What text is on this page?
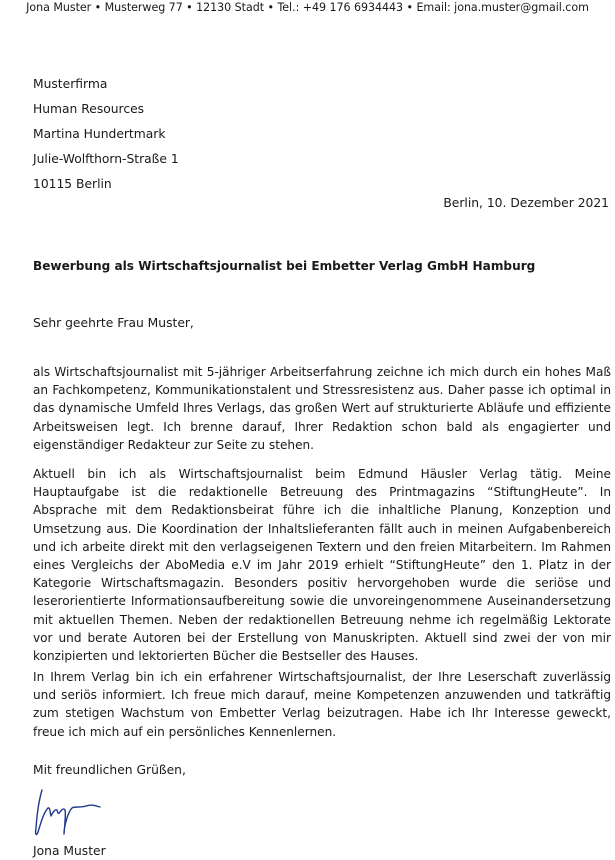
Jona Muster • Musterweg 77 • 12130 Stadt • Tel.: +49 176 6934443 • Email: jona.muster@gmail.com
Musterfirma
Human Resources
Martina Hundertmark
Julie-Wolfthorn-Straße 1
10115 Berlin
Berlin, 10. Dezember 2021
Bewerbung als Wirtschaftsjournalist bei Embetter Verlag GmbH Hamburg
Sehr geehrte Frau Muster,

als Wirtschaftsjournalist mit 5-jähriger Arbeitserfahrung zeichne ich mich durch ein hohes Maß an Fachkompetenz, Kommunikationstalent und Stressresistenz aus. Daher passe ich optimal in das dynamische Umfeld Ihres Verlags, das großen Wert auf strukturierte Abläufe und effiziente Arbeitsweisen legt. Ich brenne darauf, Ihrer Redaktion schon bald als engagierter und eigenständiger Redakteur zur Seite zu stehen.

Aktuell bin ich als Wirtschaftsjournalist beim Edmund Häusler Verlag tätig. Meine Hauptaufgabe ist die redaktionelle Betreuung des Printmagazins “StiftungHeute”. In Absprache mit dem Redaktionsbeirat führe ich die inhaltliche Planung, Konzeption und Umsetzung aus. Die Koordination der Inhaltslieferanten fällt auch in meinen Aufgabenbereich und ich arbeite direkt mit den verlagseigenen Textern und den freien Mitarbeitern. Im Rahmen eines Vergleichs der AboMedia e.V im Jahr 2019 erhielt “StiftungHeute” den 1. Platz in der Kategorie Wirtschaftsmagazin. Besonders positiv hervorgehoben wurde die seriöse und leserorientierte Informationsaufbereitung sowie die unvoreingenommene Auseinandersetzung mit aktuellen Themen. Neben der redaktionellen Betreuung nehme ich regelmäßig Lektorate vor und berate Autoren bei der Erstellung von Manuskripten. Aktuell sind zwei der von mir konzipierten und lektorierten Bücher die Bestseller des Hauses.

In Ihrem Verlag bin ich ein erfahrener Wirtschaftsjournalist, der Ihre Leserschaft zuverlässig und seriös informiert. Ich freue mich darauf, meine Kompetenzen anzuwenden und tatkräftig zum stetigen Wachstum von Embetter Verlag beizutragen. Habe ich Ihr Interesse geweckt, freue ich mich auf ein persönliches Kennenlernen.

Mit freundlichen Grüßen,
Jona Muster
